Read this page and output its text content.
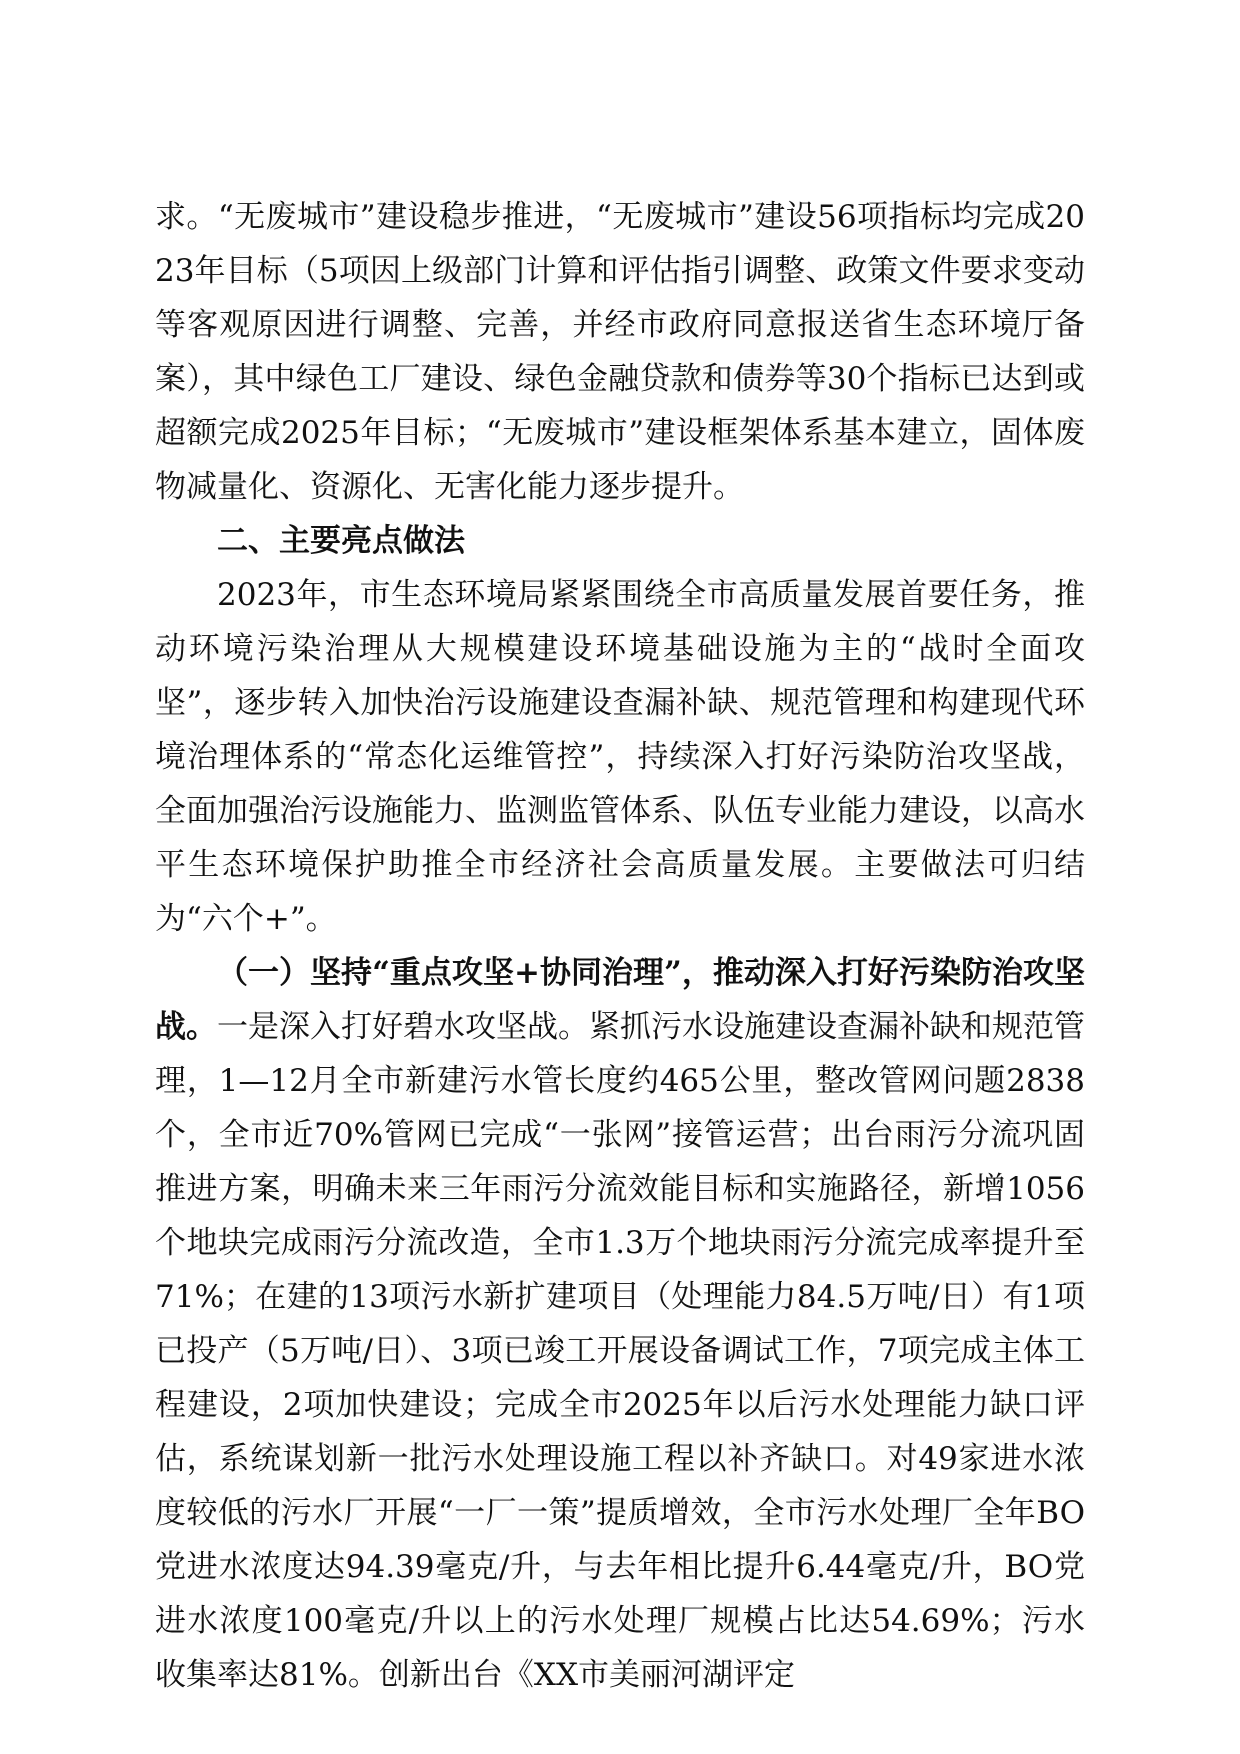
求。“无废城市”建设稳步推进，“无废城市”建设56项指标均完成2023年目标（5项因上级部门计算和评估指引调整、政策文件要求变动等客观原因进行调整、完善，并经市政府同意报送省生态环境厅备案），其中绿色工厂建设、绿色金融贷款和债券等30个指标已达到或超额完成2025年目标；“无废城市”建设框架体系基本建立，固体废物减量化、资源化、无害化能力逐步提升。

二、主要亮点做法

2023年，市生态环境局紧紧围绕全市高质量发展首要任务，推动环境污染治理从大规模建设环境基础设施为主的“战时全面攻坚”，逐步转入加快治污设施建设查漏补缺、规范管理和构建现代环境治理体系的“常态化运维管控”，持续深入打好污染防治攻坚战，全面加强治污设施能力、监测监管体系、队伍专业能力建设，以高水平生态环境保护助推全市经济社会高质量发展。主要做法可归结为“六个+”。

（一）坚持“重点攻坚+协同治理”，推动深入打好污染防治攻坚战。一是深入打好碧水攻坚战。紧抓污水设施建设查漏补缺和规范管理，1—12月全市新建污水管长度约465公里，整改管网问题2838个，全市近70%管网已完成“一张网”接管运营；出台雨污分流巩固推进方案，明确未来三年雨污分流效能目标和实施路径，新增1056个地块完成雨污分流改造，全市1.3万个地块雨污分流完成率提升至71%；在建的13项污水新扩建项目（处理能力84.5万吨/日）有1项已投产（5万吨/日）、3项已竣工开展设备调试工作，7项完成主体工程建设，2项加快建设；完成全市2025年以后污水处理能力缺口评估，系统谋划新一批污水处理设施工程以补齐缺口。对49家进水浓度较低的污水厂开展“一厂一策”提质增效，全市污水处理厂全年BO党进水浓度达94.39毫克/升，与去年相比提升6.44毫克/升，BO党进水浓度100毫克/升以上的污水处理厂规模占比达54.69%；污水收集率达81%。创新出台《XX市美丽河湖评定
